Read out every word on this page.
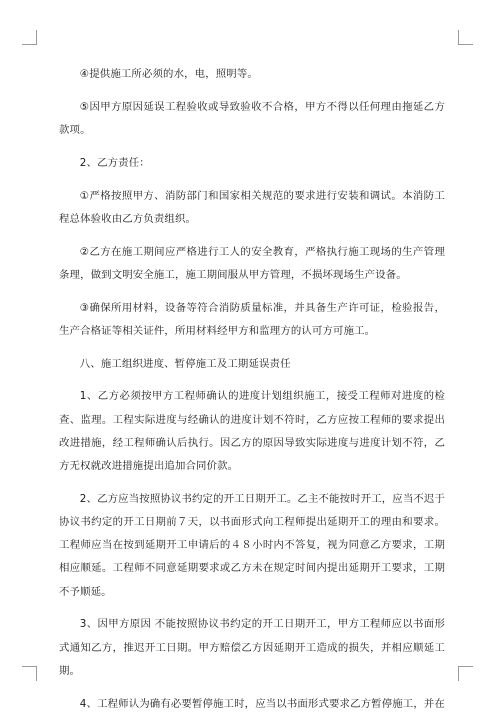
④提供施工所必须的水，电，照明等。

⑤因甲方原因延误工程验收或导致验收不合格，甲方不得以任何理由拖延乙方款项。

2、乙方责任：

①严格按照甲方、消防部门和国家相关规范的要求进行安装和调试。本消防工程总体验收由乙方负责组织。

②乙方在施工期间应严格进行工人的安全教育，严格执行施工现场的生产管理条理，做到文明安全施工，施工期间服从甲方管理，不损坏现场生产设备。

③确保所用材料，设备等符合消防质量标准，并具备生产许可证，检验报告，生产合格证等相关证件，所用材料经甲方和监理方的认可方可施工。

八、施工组织进度、暂停施工及工期延误责任

1、乙方必须按甲方工程师确认的进度计划组织施工，接受工程师对进度的检查、监理。工程实际进度与经确认的进度计划不符时，乙方应按工程师的要求提出改进措施，经工程师确认后执行。因乙方的原因导致实际进度与进度计划不符，乙方无权就改进措施提出追加合同价款。

2、乙方应当按照协议书约定的开工日期开工。乙主不能按时开工，应当不迟于协议书约定的开工日期前７天，以书面形式向工程师提出延期开工的理由和要求。工程师应当在按到延期开工申请后的４８小时内不答复，视为同意乙方要求，工期相应顺延。工程师不同意延期要求或乙方未在规定时间内提出延期开工要求，工期不予顺延。

3、因甲方原因 不能按照协议书约定的开工日期开工，甲方工程师应以书面形式通知乙方，推迟开工日期。甲方赔偿乙方因延期开工造成的损失，并相应顺延工期。

4、工程师认为确有必要暂停施工时，应当以书面形式要求乙方暂停施工，并在
